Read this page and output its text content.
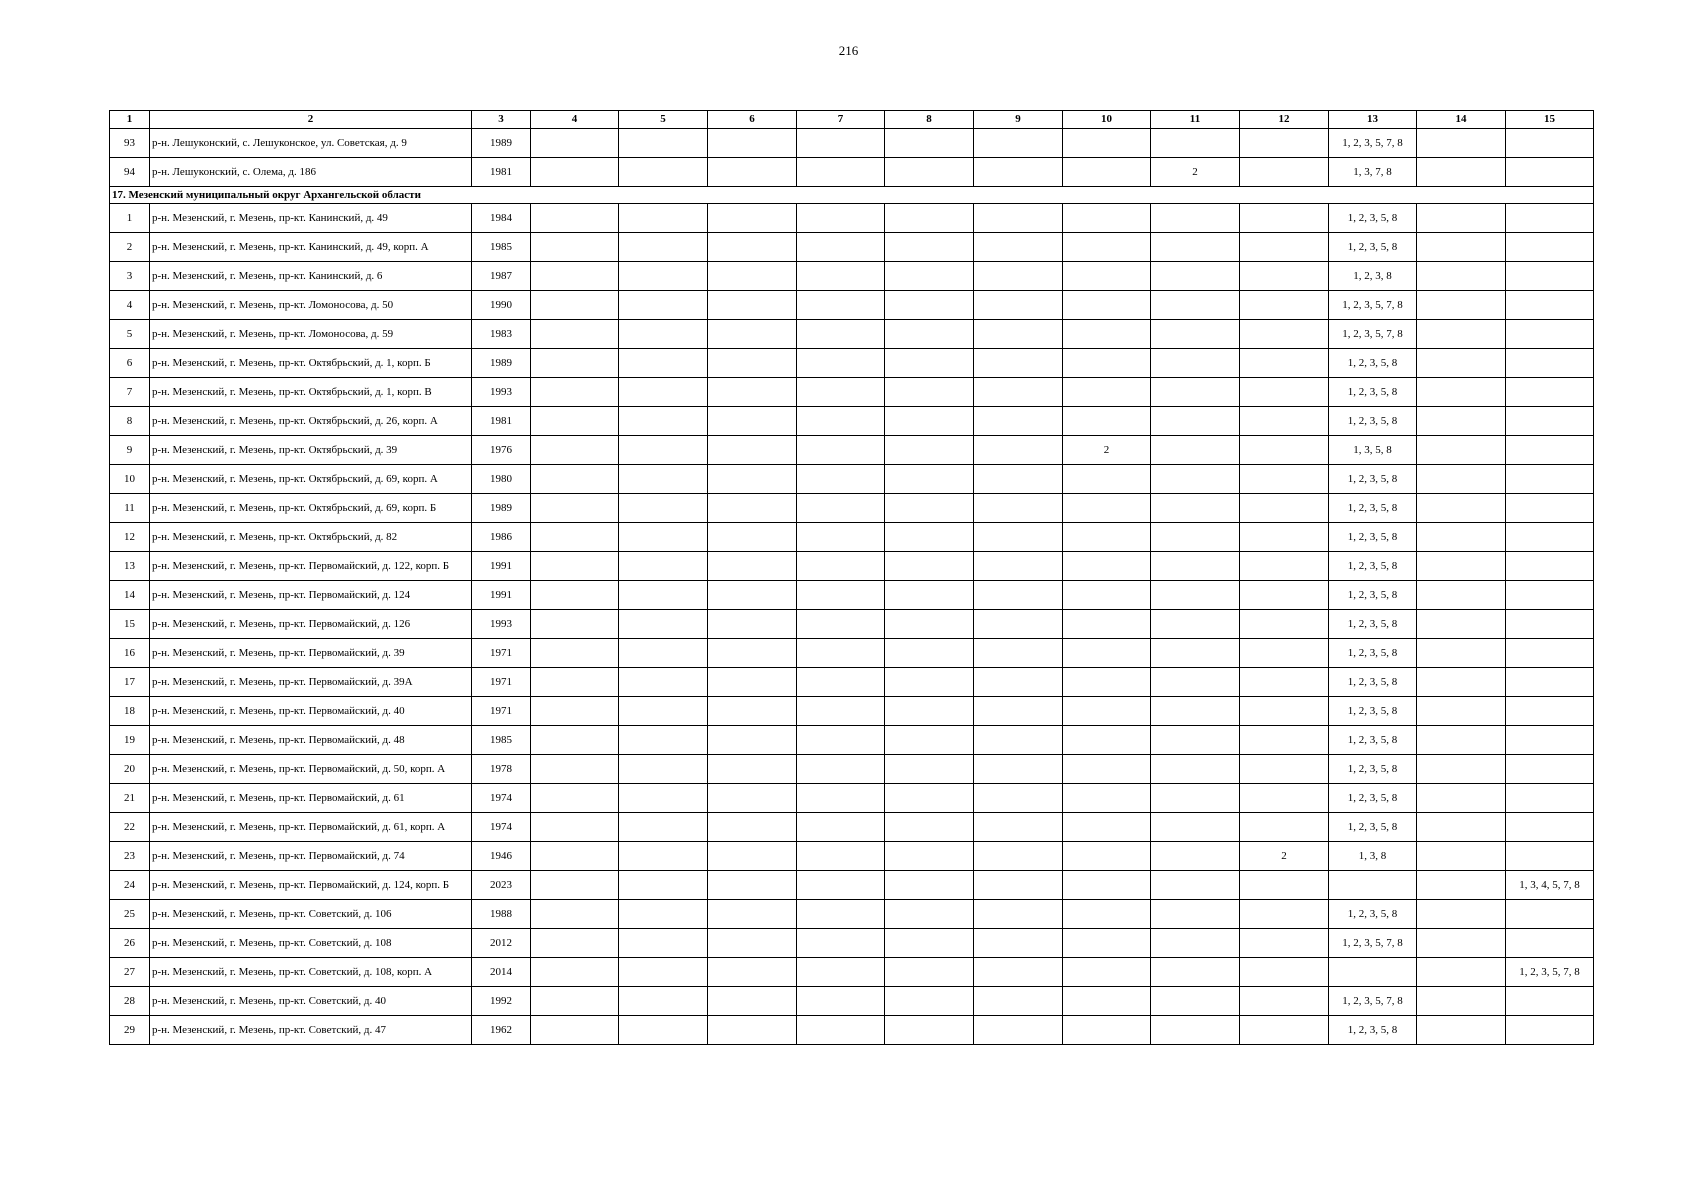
216
1	2	3	4	5	6	7	8	9	10	11	12	13	14	15
93	р-н. Лешуконский, с. Лешуконское, ул. Советская, д. 9	1989										1, 2, 3, 5, 7, 8		
94	р-н. Лешуконский, с. Олема, д. 186	1981								2		1, 3, 7, 8		
17. Мезенский муниципальный округ Архангельской области														
1	р-н. Мезенский, г. Мезень, пр-кт. Канинский, д. 49	1984										1, 2, 3, 5, 8		
2	р-н. Мезенский, г. Мезень, пр-кт. Канинский, д. 49, корп. А	1985										1, 2, 3, 5, 8		
3	р-н. Мезенский, г. Мезень, пр-кт. Канинский, д. 6	1987										1, 2, 3, 8		
4	р-н. Мезенский, г. Мезень, пр-кт. Ломоносова, д. 50	1990										1, 2, 3, 5, 7, 8		
5	р-н. Мезенский, г. Мезень, пр-кт. Ломоносова, д. 59	1983										1, 2, 3, 5, 7, 8		
6	р-н. Мезенский, г. Мезень, пр-кт. Октябрьский, д. 1, корп. Б	1989										1, 2, 3, 5, 8		
7	р-н. Мезенский, г. Мезень, пр-кт. Октябрьский, д. 1, корп. В	1993										1, 2, 3, 5, 8		
8	р-н. Мезенский, г. Мезень, пр-кт. Октябрьский, д. 26, корп. А	1981										1, 2, 3, 5, 8		
9	р-н. Мезенский, г. Мезень, пр-кт. Октябрьский, д. 39	1976							2			1, 3, 5, 8		
10	р-н. Мезенский, г. Мезень, пр-кт. Октябрьский, д. 69, корп. А	1980										1, 2, 3, 5, 8		
11	р-н. Мезенский, г. Мезень, пр-кт. Октябрьский, д. 69, корп. Б	1989										1, 2, 3, 5, 8		
12	р-н. Мезенский, г. Мезень, пр-кт. Октябрьский, д. 82	1986										1, 2, 3, 5, 8		
13	р-н. Мезенский, г. Мезень, пр-кт. Первомайский, д. 122, корп. Б	1991										1, 2, 3, 5, 8		
14	р-н. Мезенский, г. Мезень, пр-кт. Первомайский, д. 124	1991										1, 2, 3, 5, 8		
15	р-н. Мезенский, г. Мезень, пр-кт. Первомайский, д. 126	1993										1, 2, 3, 5, 8		
16	р-н. Мезенский, г. Мезень, пр-кт. Первомайский, д. 39	1971										1, 2, 3, 5, 8		
17	р-н. Мезенский, г. Мезень, пр-кт. Первомайский, д. 39А	1971										1, 2, 3, 5, 8		
18	р-н. Мезенский, г. Мезень, пр-кт. Первомайский, д. 40	1971										1, 2, 3, 5, 8		
19	р-н. Мезенский, г. Мезень, пр-кт. Первомайский, д. 48	1985										1, 2, 3, 5, 8		
20	р-н. Мезенский, г. Мезень, пр-кт. Первомайский, д. 50, корп. А	1978										1, 2, 3, 5, 8		
21	р-н. Мезенский, г. Мезень, пр-кт. Первомайский, д. 61	1974										1, 2, 3, 5, 8		
22	р-н. Мезенский, г. Мезень, пр-кт. Первомайский, д. 61, корп. А	1974										1, 2, 3, 5, 8		
23	р-н. Мезенский, г. Мезень, пр-кт. Первомайский, д. 74	1946									2	1, 3, 8		
24	р-н. Мезенский, г. Мезень, пр-кт. Первомайский, д. 124, корп. Б	2023												1, 3, 4, 5, 7, 8
25	р-н. Мезенский, г. Мезень, пр-кт. Советский, д. 106	1988										1, 2, 3, 5, 8		
26	р-н. Мезенский, г. Мезень, пр-кт. Советский, д. 108	2012										1, 2, 3, 5, 7, 8		
27	р-н. Мезенский, г. Мезень, пр-кт. Советский, д. 108, корп. А	2014												1, 2, 3, 5, 7, 8
28	р-н. Мезенский, г. Мезень, пр-кт. Советский, д. 40	1992										1, 2, 3, 5, 7, 8		
29	р-н. Мезенский, г. Мезень, пр-кт. Советский, д. 47	1962										1, 2, 3, 5, 8		
